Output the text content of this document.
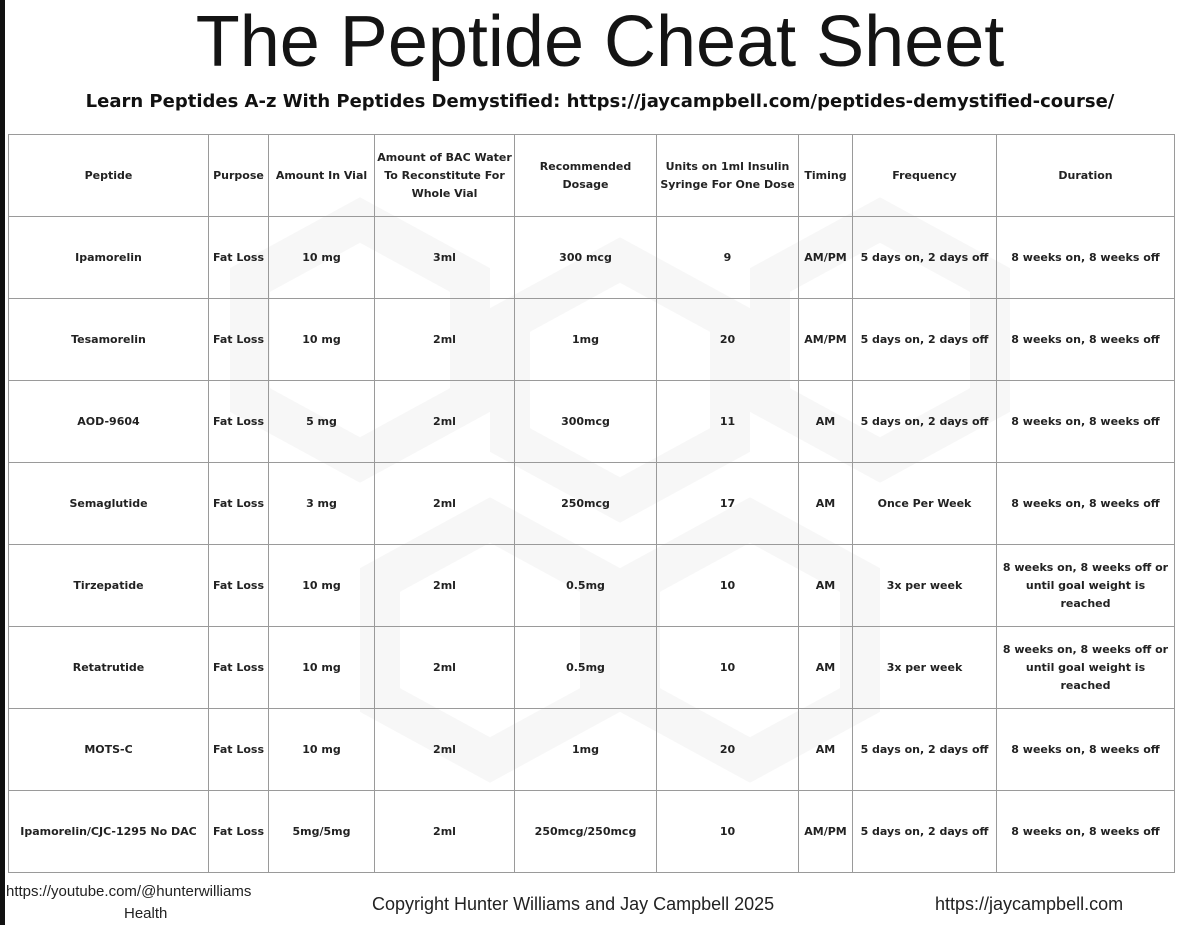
The Peptide Cheat Sheet
Learn Peptides A-z With Peptides Demystified: https://jaycampbell.com/peptides-demystified-course/
Peptide	Purpose	Amount In Vial	Amount of BAC Water To Reconstitute For Whole Vial	Recommended Dosage	Units on 1ml Insulin Syringe For One Dose	Timing	Frequency	Duration
Ipamorelin	Fat Loss	10 mg	3ml	300 mcg	9	AM/PM	5 days on, 2 days off	8 weeks on, 8 weeks off
Tesamorelin	Fat Loss	10 mg	2ml	1mg	20	AM/PM	5 days on, 2 days off	8 weeks on, 8 weeks off
AOD-9604	Fat Loss	5 mg	2ml	300mcg	11	AM	5 days on, 2 days off	8 weeks on, 8 weeks off
Semaglutide	Fat Loss	3 mg	2ml	250mcg	17	AM	Once Per Week	8 weeks on, 8 weeks off
Tirzepatide	Fat Loss	10 mg	2ml	0.5mg	10	AM	3x per week	8 weeks on, 8 weeks off or until goal weight is reached
Retatrutide	Fat Loss	10 mg	2ml	0.5mg	10	AM	3x per week	8 weeks on, 8 weeks off or until goal weight is reached
MOTS-C	Fat Loss	10 mg	2ml	1mg	20	AM	5 days on, 2 days off	8 weeks on, 8 weeks off
Ipamorelin/CJC-1295 No DAC	Fat Loss	5mg/5mg	2ml	250mcg/250mcg	10	AM/PM	5 days on, 2 days off	8 weeks on, 8 weeks off
https://youtube.com/@hunterwilliams
Health	Copyright Hunter Williams and Jay Campbell 2025	https://jaycampbell.com
